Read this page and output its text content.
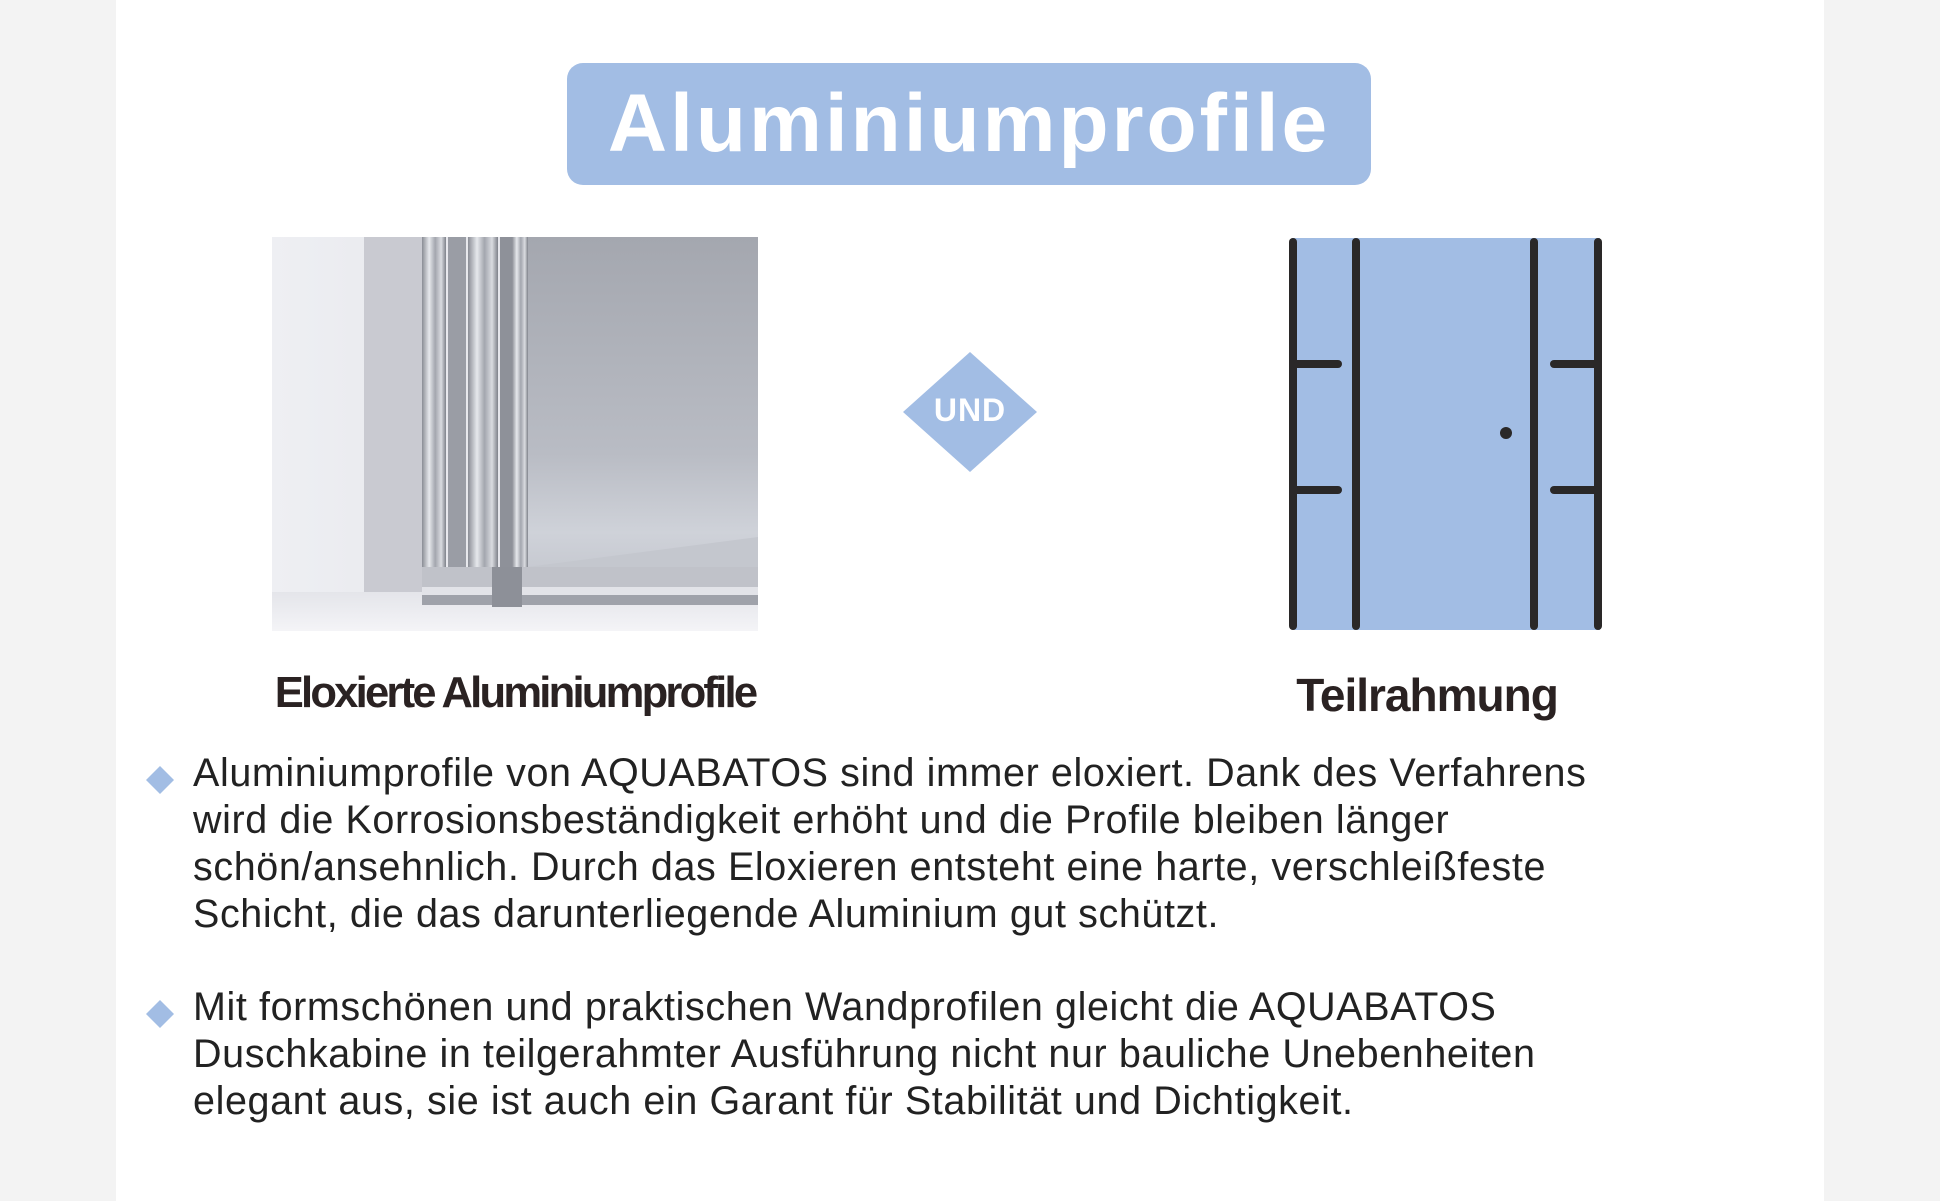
Aluminiumprofile
UND
Eloxierte Aluminiumprofile	Teilrahmung
Aluminiumprofile von AQUABATOS sind immer eloxiert. Dank des Verfahrens
wird die Korrosionsbeständigkeit erhöht und die Profile bleiben länger
schön/ansehnlich. Durch das Eloxieren entsteht eine harte, verschleißfeste
Schicht, die das darunterliegende Aluminium gut schützt.
Mit formschönen und praktischen Wandprofilen gleicht die AQUABATOS
Duschkabine in teilgerahmter Ausführung nicht nur bauliche Unebenheiten
elegant aus, sie ist auch ein Garant für Stabilität und Dichtigkeit.
